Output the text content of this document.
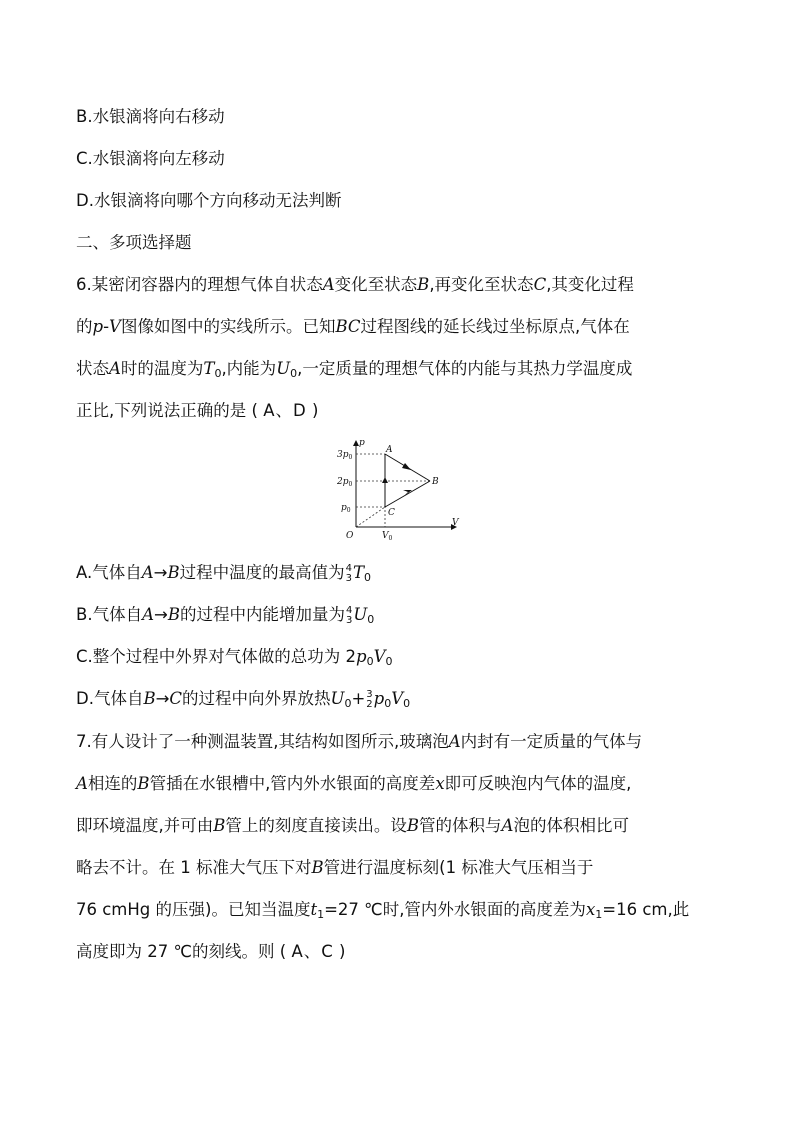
B.水银滴将向右移动
C.水银滴将向左移动
D.水银滴将向哪个方向移动无法判断
二、多项选择题
6.某密闭容器内的理想气体自状态A变化至状态B,再变化至状态C,其变化过程
的p-V图像如图中的实线所示。已知BC过程图线的延长线过坐标原点,气体在
状态A时的温度为$T_0$,内能为$U_0$,一定质量的理想气体的内能与其热力学温度成
正比,下列说法正确的是 ( A、D )
p
V
O
$3p_0$
$2p_0$
$p_0$
$V_0$
A
B
C
A.气体自A→B过程中温度的最高值为 4
3 $T_0$
B.气体自A→B的过程中内能增加量为 4
3 $U_0$
C.整个过程中外界对气体做的总功为 $2p_0V_0$
D.气体自B→C的过程中向外界放热$U_0+ 3$
2 $p_0V_0$
7.有人设计了一种测温装置,其结构如图所示,玻璃泡A内封有一定质量的气体与
A相连的B管插在水银槽中,管内外水银面的高度差x即可反映泡内气体的温度,
即环境温度,并可由B管上的刻度直接读出。设B管的体积与A泡的体积相比可
略去不计。在 1 标准大气压下对B管进行温度标刻(1 标准大气压相当于
76 cmHg 的压强)。已知当温度$t_1=27$ ℃时,管内外水银面的高度差为$x_1=16$ cm,此
高度即为 27 ℃的刻线。则 ( A、C )
